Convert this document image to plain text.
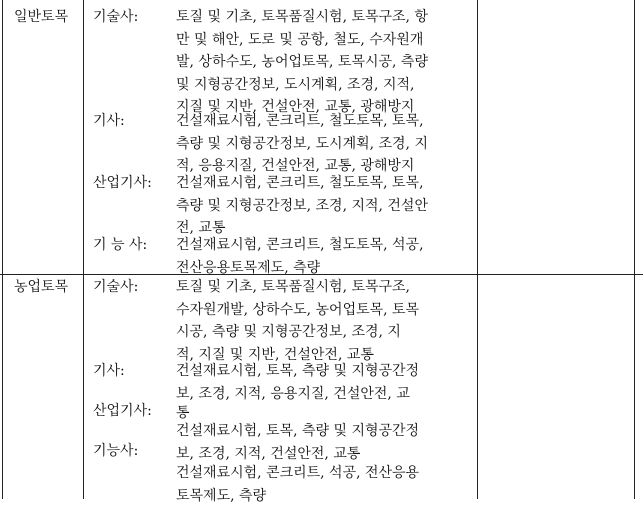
일반토목 기술사:	토질 및 기초, 토목품질시험, 토목구조, 항
만 및 해안, 도로 및 공항, 철도, 수자원개
발, 상하수도, 농어업토목, 토목시공, 측량
및 지형공간정보, 도시계획, 조경, 지적,
지질 및 지반, 건설안전, 교통, 광해방지
기사:	건설재료시험, 콘크리트, 철도토목, 토목,
측량 및 지형공간정보, 도시계획, 조경, 지
적, 응용지질, 건설안전, 교통, 광해방지
산업기사: 건설재료시험, 콘크리트, 철도토목, 토목,
측량 및 지형공간정보, 조경, 지적, 건설안
전, 교통
기 능 사: 건설재료시험, 콘크리트, 철도토목, 석공,
전산응용토목제도, 측량
농업토목 기술사:	토질 및 기초, 토목품질시험, 토목구조,
수자원개발, 상하수도, 농어업토목, 토목
시공, 측량 및 지형공간정보, 조경, 지
적, 지질 및 지반, 건설안전, 교통
기사:	건설재료시험, 토목, 측량 및 지형공간정
보, 조경, 지적, 응용지질, 건설안전, 교
통
산업기사:
건설재료시험, 토목, 측량 및 지형공간정
보, 조경, 지적, 건설안전, 교통
기능사:
건설재료시험, 콘크리트, 석공, 전산응용
토목제도, 측량
